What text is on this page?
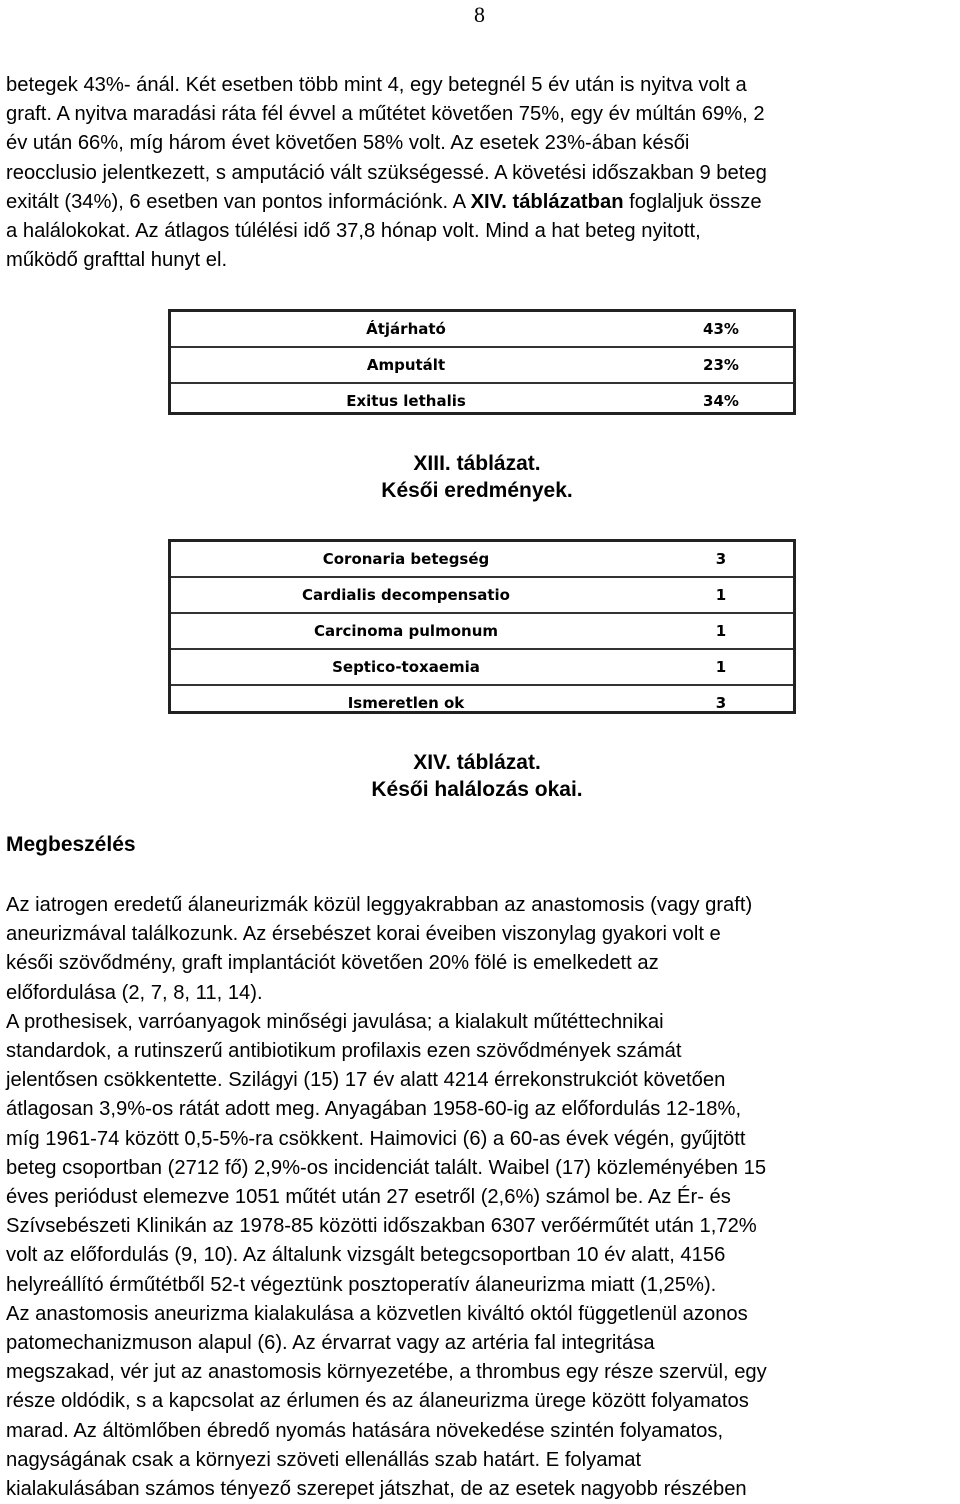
8
betegek 43%- ánál. Két esetben több mint 4, egy betegnél 5 év után is nyitva volt a
graft. A nyitva maradási ráta fél évvel a műtétet követően 75%, egy év múltán 69%, 2
év után 66%, míg három évet követően 58% volt. Az esetek 23%-ában késői
reocclusio jelentkezett, s amputáció vált szükségessé. A követési időszakban 9 beteg
exitált (34%), 6 esetben van pontos információnk. A XIV. táblázatban foglaljuk össze
a halálokokat. Az átlagos túlélési idő 37,8 hónap volt. Mind a hat beteg nyitott,
működő grafttal hunyt el.
Átjárható	43%
Amputált	23%
Exitus lethalis	34%
XIII. táblázat.
Késői eredmények.
Coronaria betegség	3
Cardialis decompensatio	1
Carcinoma pulmonum	1
Septico-toxaemia	1
Ismeretlen ok	3
XIV. táblázat.
Késői halálozás okai.
Megbeszélés
Az iatrogen eredetű álaneurizmák közül leggyakrabban az anastomosis (vagy graft)
aneurizmával találkozunk. Az érsebészet korai éveiben viszonylag gyakori volt e
késői szövődmény, graft implantációt követően 20% fölé is emelkedett az
előfordulása (2, 7, 8, 11, 14).
A prothesisek, varróanyagok minőségi javulása; a kialakult műtéttechnikai
standardok, a rutinszerű antibiotikum profilaxis ezen szövődmények számát
jelentősen csökkentette. Szilágyi (15) 17 év alatt 4214 érrekonstrukciót követően
átlagosan 3,9%-os rátát adott meg. Anyagában 1958-60-ig az előfordulás 12-18%,
míg 1961-74 között 0,5-5%-ra csökkent. Haimovici (6) a 60-as évek végén, gyűjtött
beteg csoportban (2712 fő) 2,9%-os incidenciát talált. Waibel (17) közleményében 15
éves periódust elemezve 1051 műtét után 27 esetről (2,6%) számol be. Az Ér- és
Szívsebészeti Klinikán az 1978-85 közötti időszakban 6307 verőérműtét után 1,72%
volt az előfordulás (9, 10). Az általunk vizsgált betegcsoportban 10 év alatt, 4156
helyreállító érműtétből 52-t végeztünk posztoperatív álaneurizma miatt (1,25%).
Az anastomosis aneurizma kialakulása a közvetlen kiváltó októl függetlenül azonos
patomechanizmuson alapul (6). Az érvarrat vagy az artéria fal integritása
megszakad, vér jut az anastomosis környezetébe, a thrombus egy része szervül, egy
része oldódik, s a kapcsolat az érlumen és az álaneurizma ürege között folyamatos
marad. Az áltömlőben ébredő nyomás hatására növekedése szintén folyamatos,
nagyságának csak a környezi szöveti ellenállás szab határt. E folyamat
kialakulásában számos tényező szerepet játszhat, de az esetek nagyobb részében
